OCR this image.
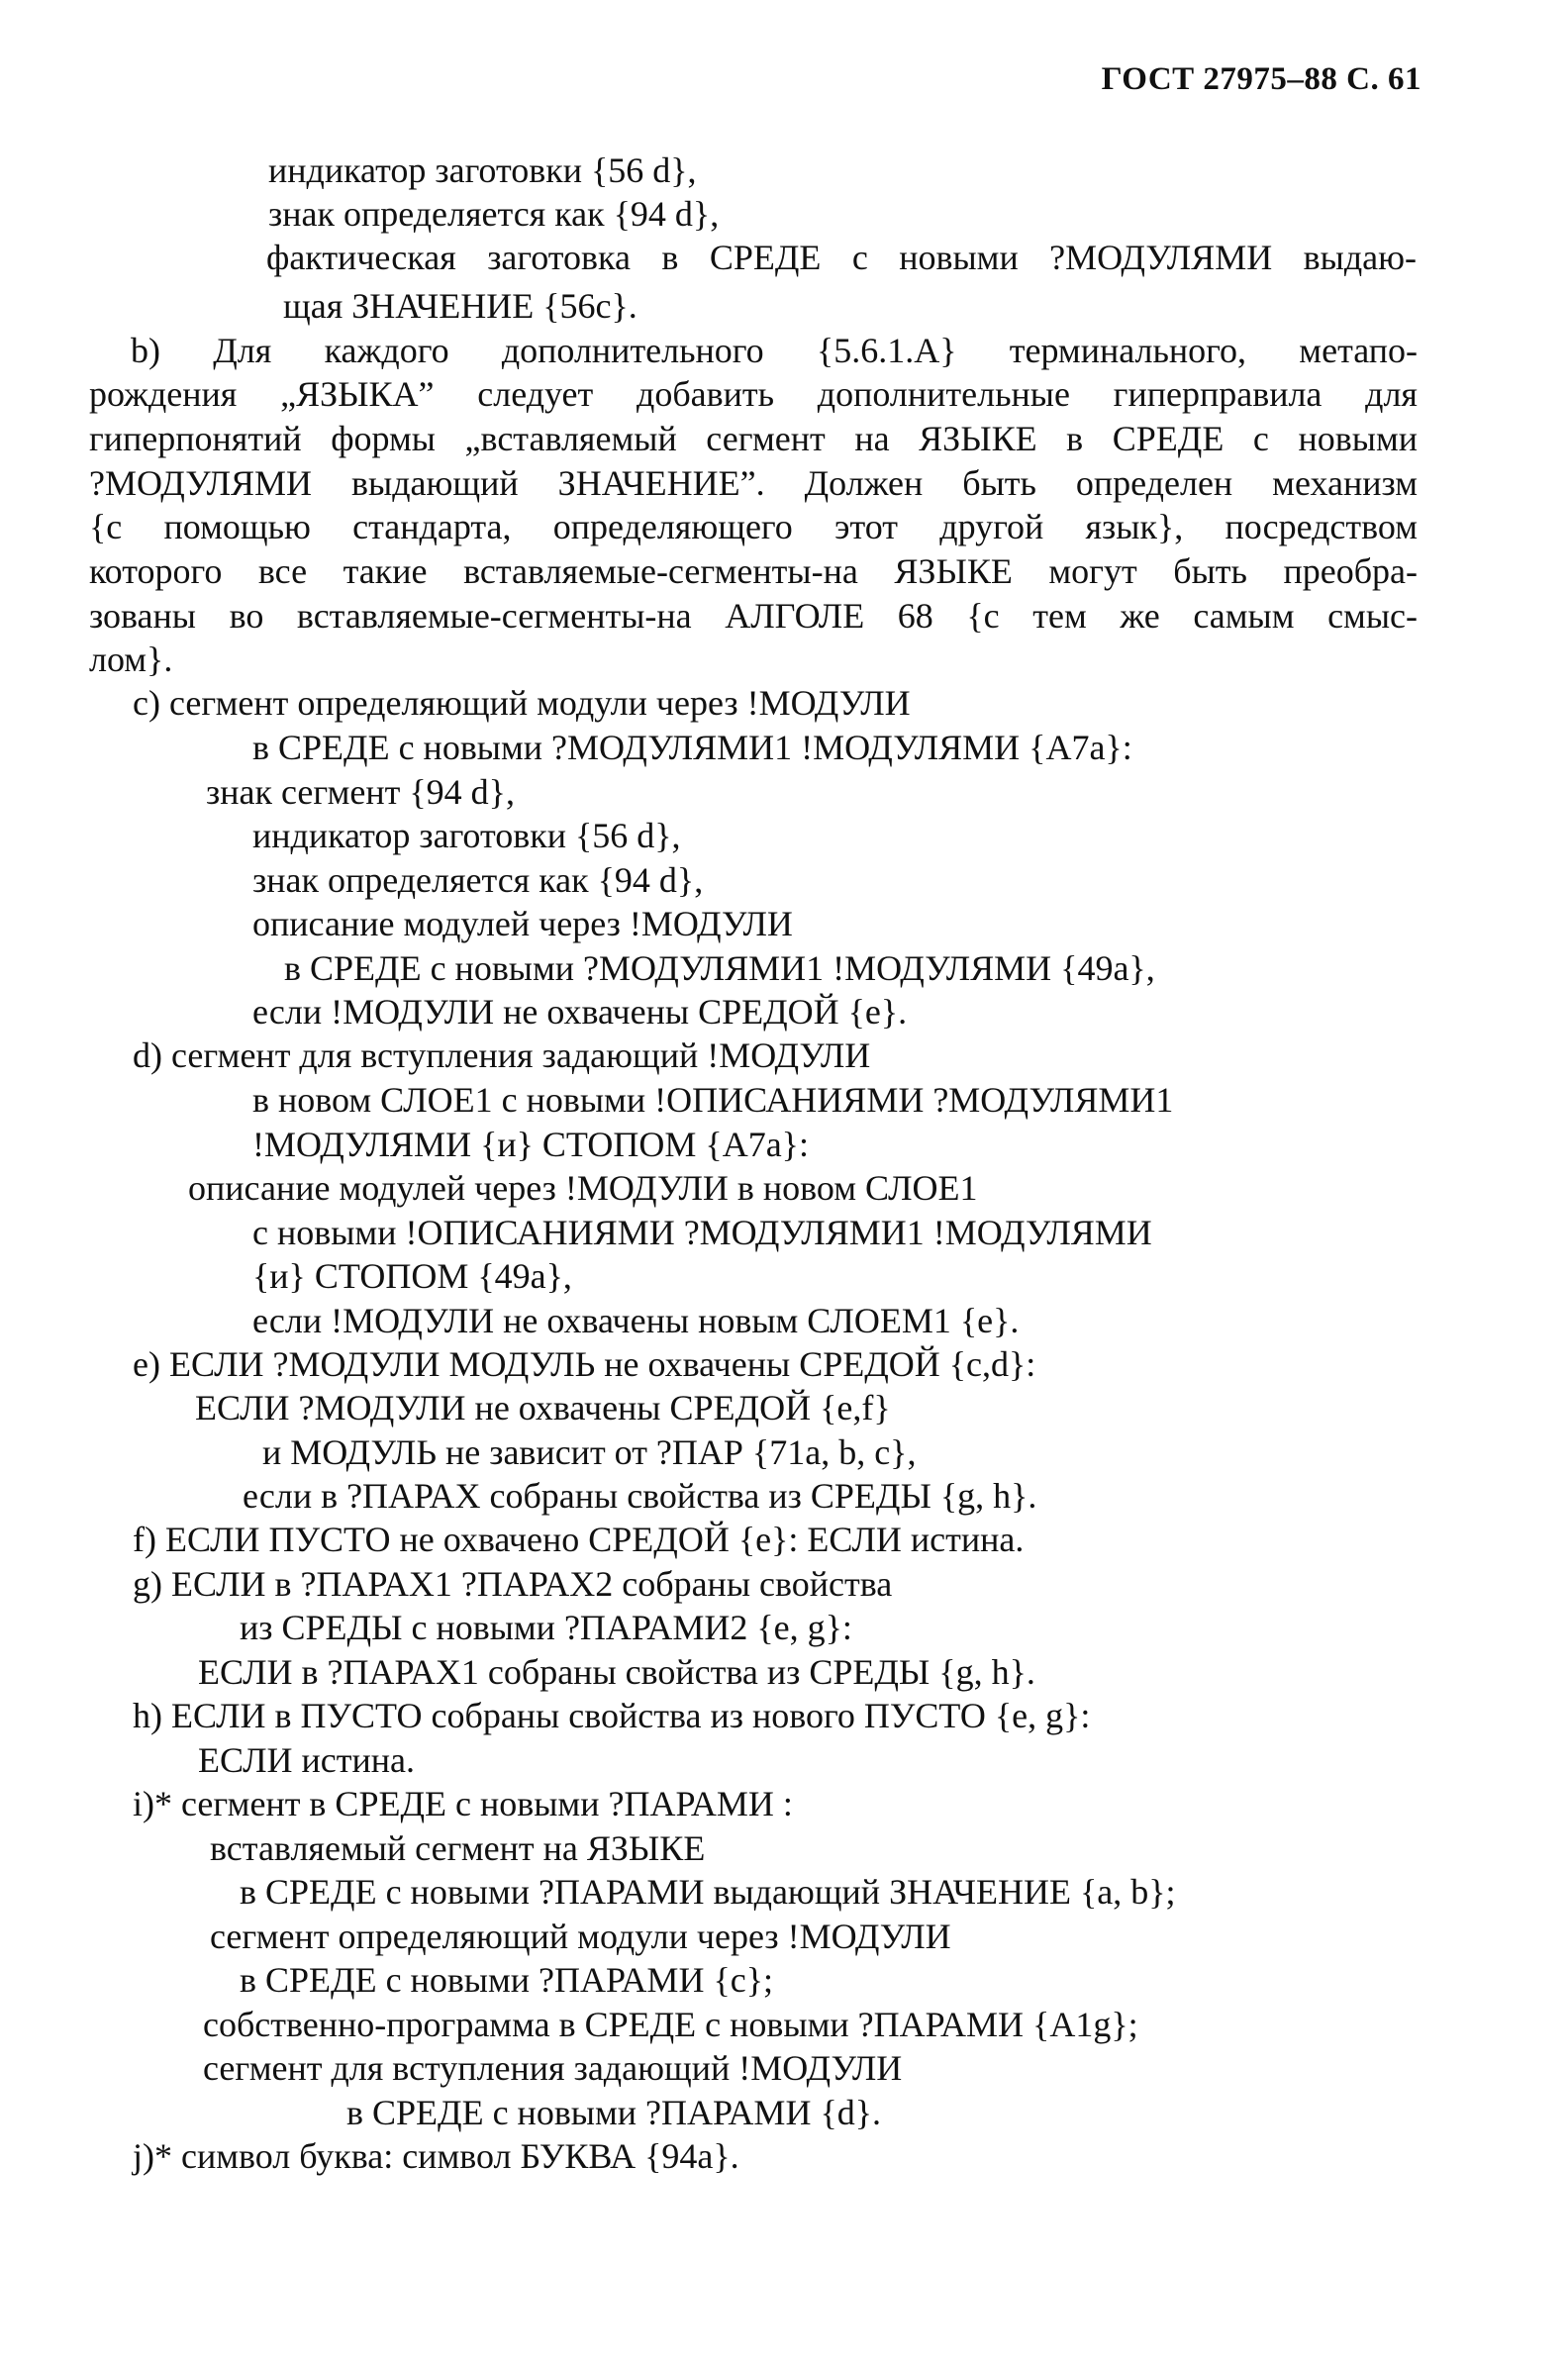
ГОСТ 27975–88 С. 61
индикатор заготовки {56 d},
знак определяется как {94 d},
фактическая заготовка в СРЕДЕ с новыми ?МОДУЛЯМИ выдаю-
щая ЗНАЧЕНИЕ {56c}.
b) Для каждого дополнительного {5.6.1.A} терминального, метапо-
рождения „ЯЗЫКА” следует добавить дополнительные гиперправила для
гиперпонятий формы „вставляемый сегмент на ЯЗЫКЕ в СРЕДЕ с новыми
?МОДУЛЯМИ выдающий ЗНАЧЕНИЕ”. Должен быть определен механизм
{с помощью стандарта, определяющего этот другой язык}, посредством
которого все такие вставляемые-сегменты-на ЯЗЫКЕ могут быть преобра-
зованы во вставляемые-сегменты-на АЛГОЛЕ 68 {с тем же самым смыс-
лом}.
c) сегмент определяющий модули через !МОДУЛИ
в СРЕДЕ с новыми ?МОДУЛЯМИ1 !МОДУЛЯМИ {A7a}:
знак сегмент {94 d},
индикатор заготовки {56 d},
знак определяется как {94 d},
описание модулей через !МОДУЛИ
в СРЕДЕ с новыми ?МОДУЛЯМИ1 !МОДУЛЯМИ {49a},
если !МОДУЛИ не охвачены СРЕДОЙ {e}.
d) сегмент для вступления задающий !МОДУЛИ
в новом СЛОЕ1 с новыми !ОПИСАНИЯМИ ?МОДУЛЯМИ1
!МОДУЛЯМИ {и} СТОПОМ {A7a}:
описание модулей через !МОДУЛИ в новом СЛОЕ1
с новыми !ОПИСАНИЯМИ ?МОДУЛЯМИ1 !МОДУЛЯМИ
{и} СТОПОМ {49a},
если !МОДУЛИ не охвачены новым СЛОЕМ1 {e}.
e) ЕСЛИ ?МОДУЛИ МОДУЛЬ не охвачены СРЕДОЙ {c,d}:
ЕСЛИ ?МОДУЛИ не охвачены СРЕДОЙ {e,f}
и МОДУЛЬ не зависит от ?ПАР {71a, b, c},
если в ?ПАРАХ собраны свойства из СРЕДЫ {g, h}.
f) ЕСЛИ ПУСТО не охвачено СРЕДОЙ {e}: ЕСЛИ истина.
g) ЕСЛИ в ?ПАРАХ1 ?ПАРАХ2 собраны свойства
из СРЕДЫ с новыми ?ПАРАМИ2 {e, g}:
ЕСЛИ в ?ПАРАХ1 собраны свойства из СРЕДЫ {g, h}.
h) ЕСЛИ в ПУСТО собраны свойства из нового ПУСТО {e, g}:
ЕСЛИ истина.
i)* сегмент в СРЕДЕ с новыми ?ПАРАМИ :
вставляемый сегмент на ЯЗЫКЕ
в СРЕДЕ с новыми ?ПАРАМИ выдающий ЗНАЧЕНИЕ {a, b};
сегмент определяющий модули через !МОДУЛИ
в СРЕДЕ с новыми ?ПАРАМИ {c};
собственно-программа в СРЕДЕ с новыми ?ПАРАМИ {A1g};
сегмент для вступления задающий !МОДУЛИ
в СРЕДЕ с новыми ?ПАРАМИ {d}.
j)* символ буква: символ БУКВА {94a}.
